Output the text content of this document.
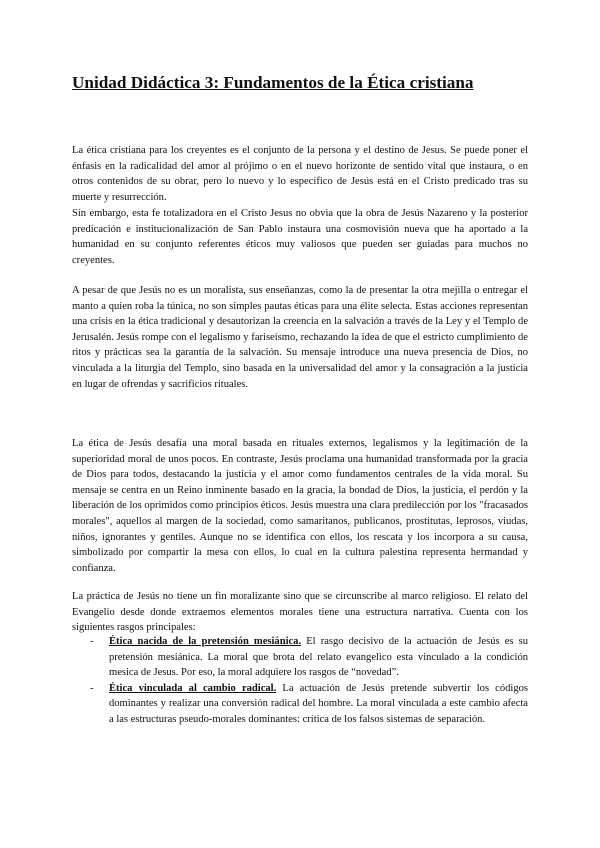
Unidad Didáctica 3: Fundamentos de la Ética cristiana

La ética cristiana para los creyentes es el conjunto de la persona y el destino de Jesus. Se puede poner el énfasis en la radicalidad del amor al prójimo o en el nuevo horizonte de sentido vital que instaura, o en otros contenidos de su obrar, pero lo nuevo y lo específico de Jesús está en el Cristo predicado tras su muerte y resurrección.

Sin embargo, esta fe totalizadora en el Cristo Jesus no obvia que la obra de Jesús Nazareno y la posterior predicación e institucionalización de San Pablo instaura una cosmovisión nueva que ha aportado a la humanidad en su conjunto referentes éticos muy valiosos que pueden ser guiadas para muchos no creyentes.

A pesar de que Jesús no es un moralista, sus enseñanzas, como la de presentar la otra mejilla o entregar el manto a quien roba la túnica, no son simples pautas éticas para una élite selecta. Estas acciones representan una crisis en la ética tradicional y desautorizan la creencia en la salvación a través de la Ley y el Templo de Jerusalén. Jesús rompe con el legalismo y fariseísmo, rechazando la idea de que el estricto cumplimiento de ritos y prácticas sea la garantía de la salvación. Su mensaje introduce una nueva presencia de Dios, no vinculada a la liturgia del Templo, sino basada en la universalidad del amor y la consagración a la justicia en lugar de ofrendas y sacrificios rituales.

La ética de Jesús desafía una moral basada en rituales externos, legalismos y la legitimación de la superioridad moral de unos pocos. En contraste, Jesús proclama una humanidad transformada por la gracia de Dios para todos, destacando la justicia y el amor como fundamentos centrales de la vida moral. Su mensaje se centra en un Reino inminente basado en la gracia, la bondad de Dios, la justicia, el perdón y la liberación de los oprimidos como principios éticos. Jesús muestra una clara predilección por los "fracasados morales", aquellos al margen de la sociedad, como samaritanos, publicanos, prostitutas, leprosos, viudas, niños, ignorantes y gentiles. Aunque no se identifica con ellos, los rescata y los incorpora a su causa, simbolizado por compartir la mesa con ellos, lo cual en la cultura palestina representa hermandad y confianza.

La práctica de Jesús no tiene un fin moralizante sino que se circunscribe al marco religioso. El relato del Evangelio desde donde extraemos elementos morales tiene una estructura narrativa. Cuenta con los siguientes rasgos principales:

- Ética nacida de la pretensión mesiánica. El rasgo decisivo de la actuación de Jesús es su pretensión mesiánica. La moral que brota del relato evangelico esta vinculado a la condición mesica de Jesus. Por eso, la moral adquiere los rasgos de “novedad”.
- Ética vinculada al cambio radical. La actuación de Jesús pretende subvertir los códigos dominantes y realizar una conversión radical del hombre. La moral vinculada a este cambio afecta a las estructuras pseudo-morales dominantes: crítica de los falsos sistemas de separación.
